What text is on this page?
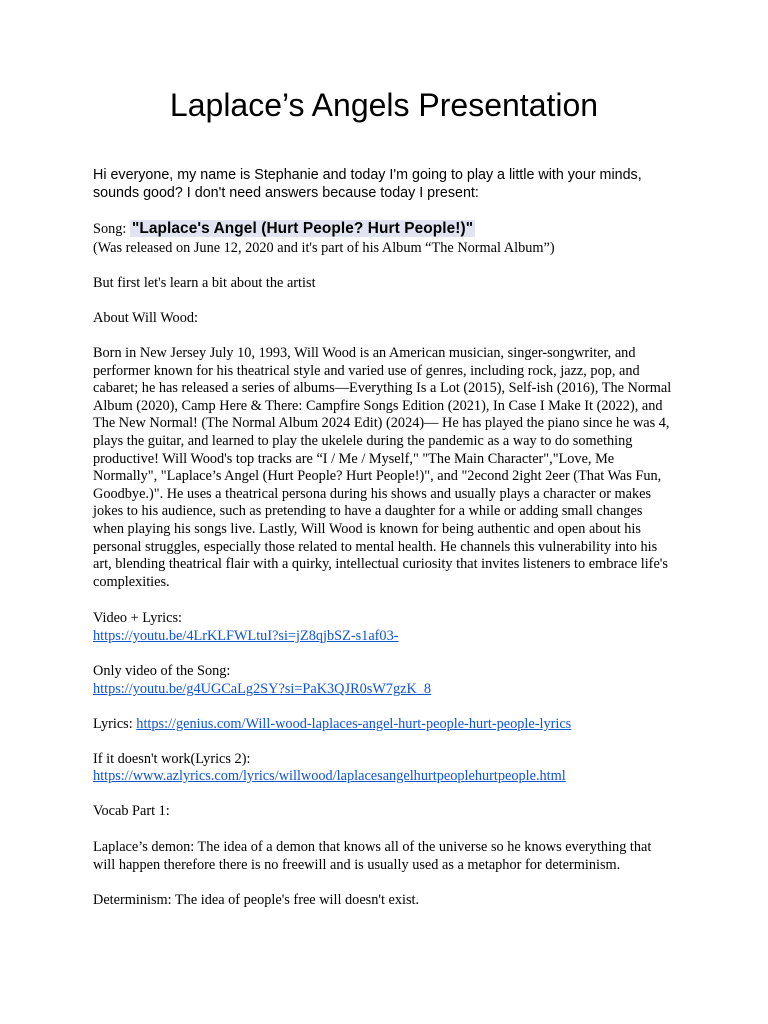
Laplace’s Angels Presentation

Hi everyone, my name is Stephanie and today I'm going to play a little with your minds, sounds good? I don't need answers because today I present:

Song: "Laplace's Angel (Hurt People? Hurt People!)"

(Was released on June 12, 2020 and it's part of his Album “The Normal Album”)

But first let's learn a bit about the artist

About Will Wood:

Born in New Jersey July 10, 1993, Will Wood is an American musician, singer-songwriter, and performer known for his theatrical style and varied use of genres, including rock, jazz, pop, and cabaret; he has released a series of albums—Everything Is a Lot (2015), Self-ish (2016), The Normal Album (2020), Camp Here & There: Campfire Songs Edition (2021), In Case I Make It (2022), and The New Normal! (The Normal Album 2024 Edit) (2024)— He has played the piano since he was 4, plays the guitar, and learned to play the ukelele during the pandemic as a way to do something productive! Will Wood's top tracks are “I / Me / Myself," "The Main Character","Love, Me Normally", "Laplace’s Angel (Hurt People? Hurt People!)", and "2econd 2ight 2eer (That Was Fun, Goodbye.)". He uses a theatrical persona during his shows and usually plays a character or makes jokes to his audience, such as pretending to have a daughter for a while or adding small changes when playing his songs live. Lastly, Will Wood is known for being authentic and open about his personal struggles, especially those related to mental health. He channels this vulnerability into his art, blending theatrical flair with a quirky, intellectual curiosity that invites listeners to embrace life's complexities.

Video + Lyrics:

https://youtu.be/4LrKLFWLtuI?si=jZ8qjbSZ-s1af03-

Only video of the Song:

https://youtu.be/g4UGCaLg2SY?si=PaK3QJR0sW7gzK_8

Lyrics: https://genius.com/Will-wood-laplaces-angel-hurt-people-hurt-people-lyrics

If it doesn't work(Lyrics 2):

https://www.azlyrics.com/lyrics/willwood/laplacesangelhurtpeoplehurtpeople.html

Vocab Part 1:

Laplace’s demon: The idea of a demon that knows all of the universe so he knows everything that will happen therefore there is no freewill and is usually used as a metaphor for determinism.

Determinism: The idea of people's free will doesn't exist.
